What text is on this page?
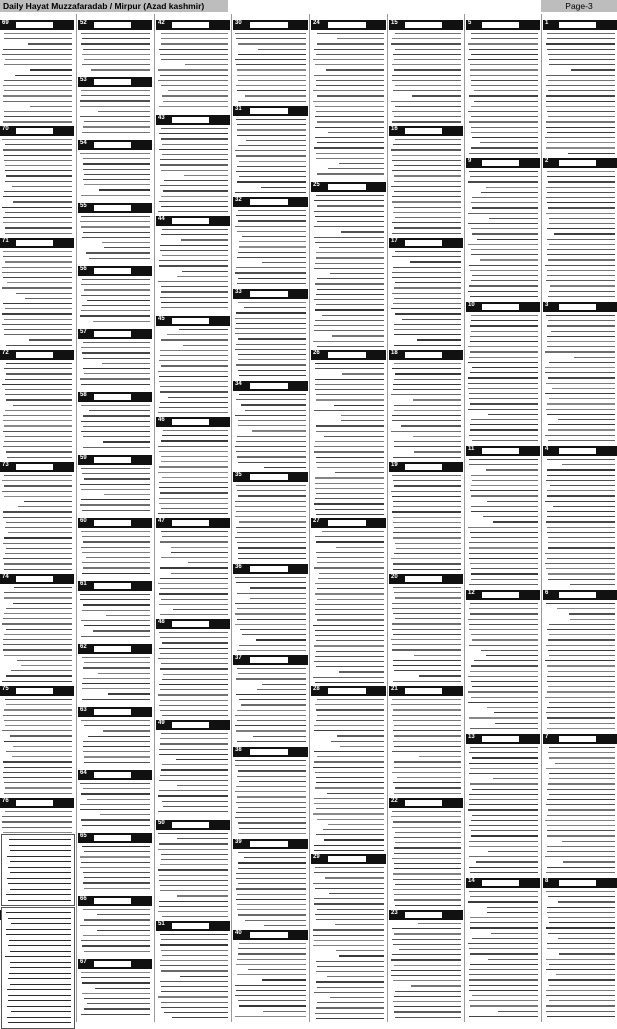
Daily Hayat Muzzafaradab / Mirpur (Azad kashmir)	Page-3
69
70
71
72
73
74
75
76
52
53
54
55
56
57
58
59
60
61
62
63
64
65
66
67
42
43
44
45
46
47
48
49
50
51
30
31
32
33
34
35
36
37
38
39
40
24
25
26
27
28
29
15
16
17
18
19
20
21
22
23
5
9
10
11
12
13
14
1
2
3
4
6
7
8
